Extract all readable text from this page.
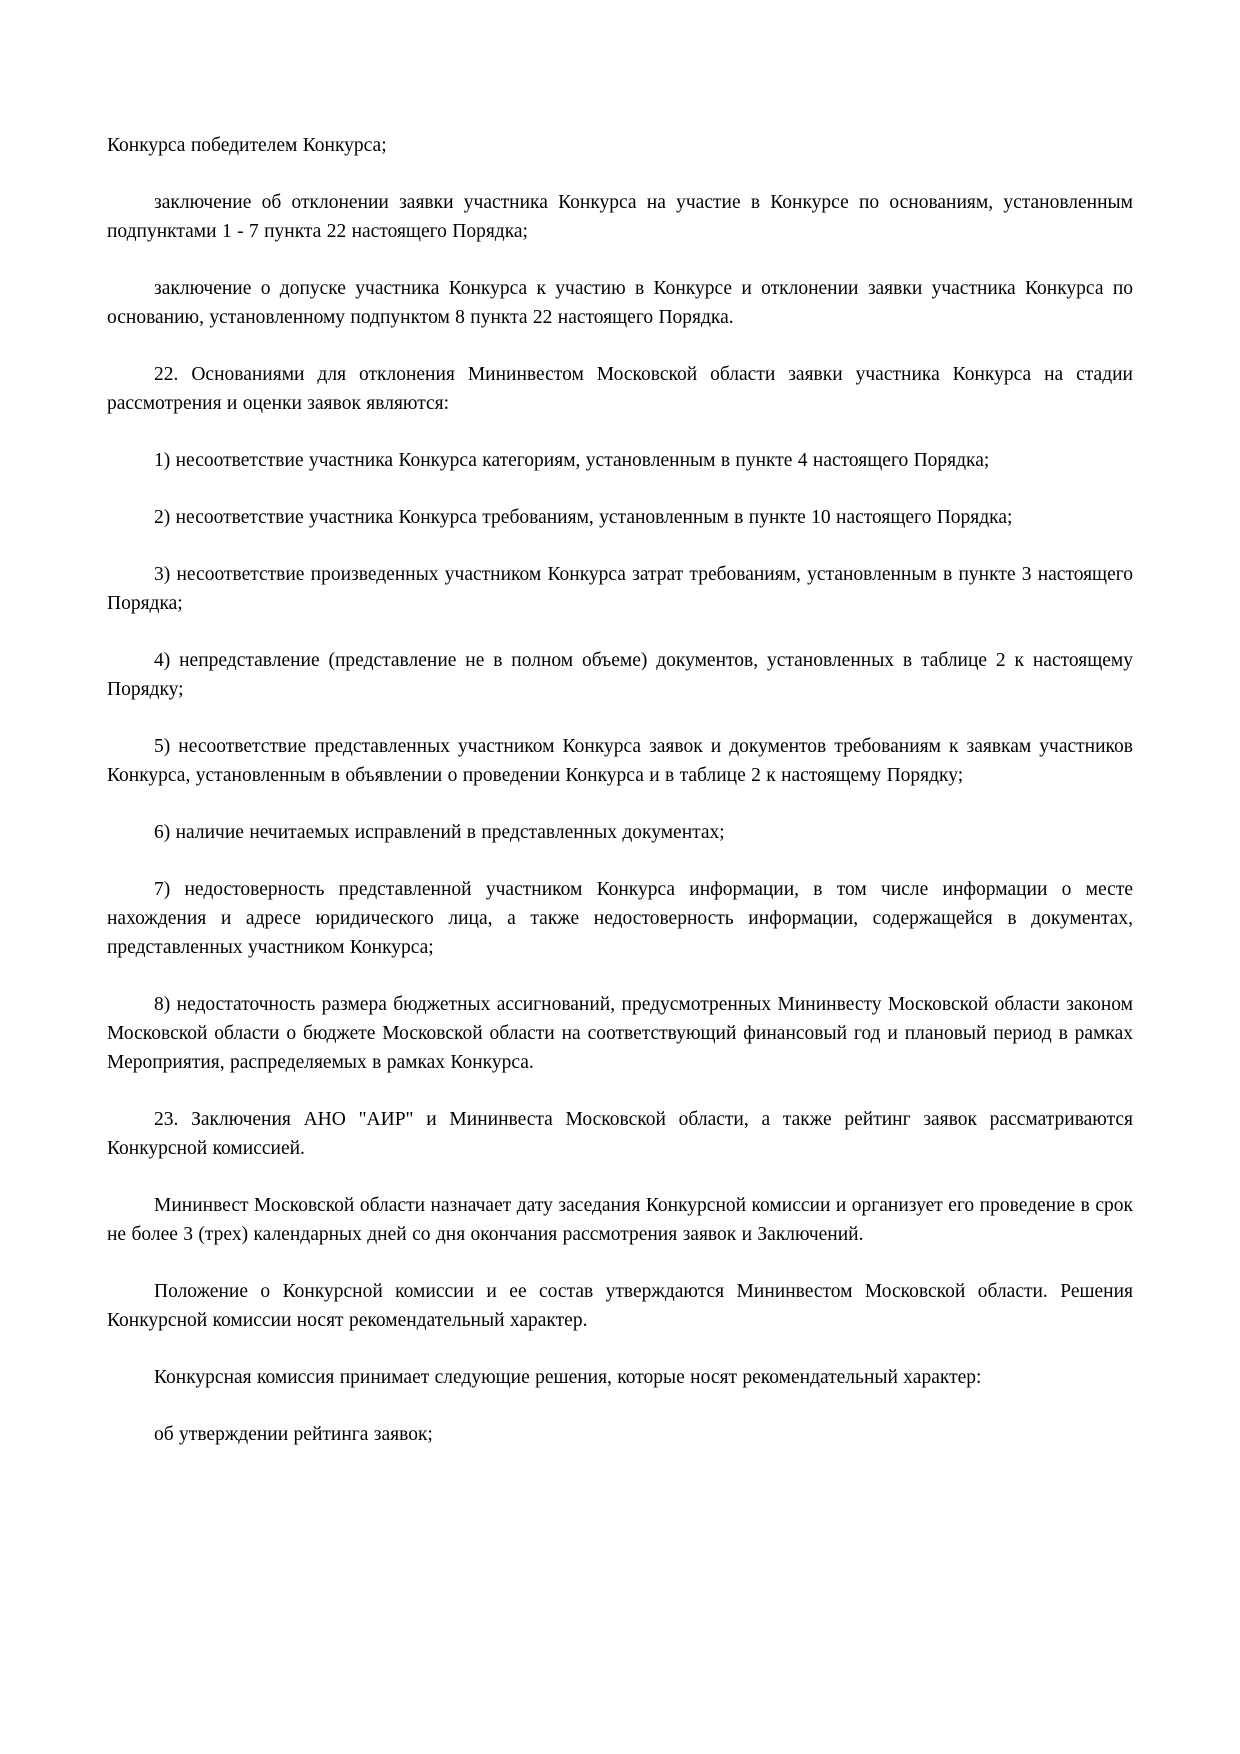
Конкурса победителем Конкурса;

заключение об отклонении заявки участника Конкурса на участие в Конкурсе по основаниям, установленным подпунктами 1 - 7 пункта 22 настоящего Порядка;

заключение о допуске участника Конкурса к участию в Конкурсе и отклонении заявки участника Конкурса по основанию, установленному подпунктом 8 пункта 22 настоящего Порядка.

22. Основаниями для отклонения Мининвестом Московской области заявки участника Конкурса на стадии рассмотрения и оценки заявок являются:

1) несоответствие участника Конкурса категориям, установленным в пункте 4 настоящего Порядка;

2) несоответствие участника Конкурса требованиям, установленным в пункте 10 настоящего Порядка;

3) несоответствие произведенных участником Конкурса затрат требованиям, установленным в пункте 3 настоящего Порядка;

4) непредставление (представление не в полном объеме) документов, установленных в таблице 2 к настоящему Порядку;

5) несоответствие представленных участником Конкурса заявок и документов требованиям к заявкам участников Конкурса, установленным в объявлении о проведении Конкурса и в таблице 2 к настоящему Порядку;

6) наличие нечитаемых исправлений в представленных документах;

7) недостоверность представленной участником Конкурса информации, в том числе информации о месте нахождения и адресе юридического лица, а также недостоверность информации, содержащейся в документах, представленных участником Конкурса;

8) недостаточность размера бюджетных ассигнований, предусмотренных Мининвесту Московской области законом Московской области о бюджете Московской области на соответствующий финансовый год и плановый период в рамках Мероприятия, распределяемых в рамках Конкурса.

23. Заключения АНО "АИР" и Мининвеста Московской области, а также рейтинг заявок рассматриваются Конкурсной комиссией.

Мининвест Московской области назначает дату заседания Конкурсной комиссии и организует его проведение в срок не более 3 (трех) календарных дней со дня окончания рассмотрения заявок и Заключений.

Положение о Конкурсной комиссии и ее состав утверждаются Мининвестом Московской области. Решения Конкурсной комиссии носят рекомендательный характер.

Конкурсная комиссия принимает следующие решения, которые носят рекомендательный характер:

об утверждении рейтинга заявок;
